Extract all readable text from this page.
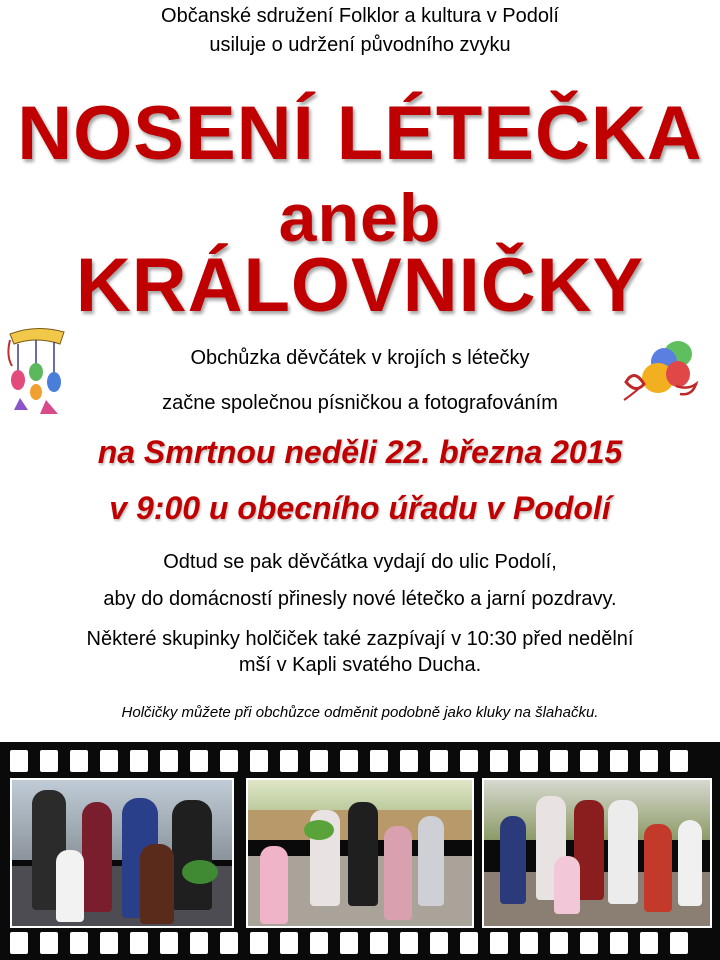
Občanské sdružení Folklor a kultura v Podolí
usiluje o udržení původního zvyku
NOSENÍ LÉTEČKA
aneb
KRÁLOVNIČKY
Obchůzka děvčátek v krojích s létečky
začne společnou písničkou a fotografováním
na Smrtnou neděli 22. března 2015
v 9:00 u obecního úřadu v Podolí
Odtud se pak děvčátka vydají do ulic Podolí,
aby do domácností přinesly nové létečko a jarní pozdravy.
Některé skupinky holčiček také zazpívají v 10:30 před nedělní
mší v Kapli svatého Ducha.
Holčičky můžete při obchůzce odměnit podobně jako kluky na šlahačku.
